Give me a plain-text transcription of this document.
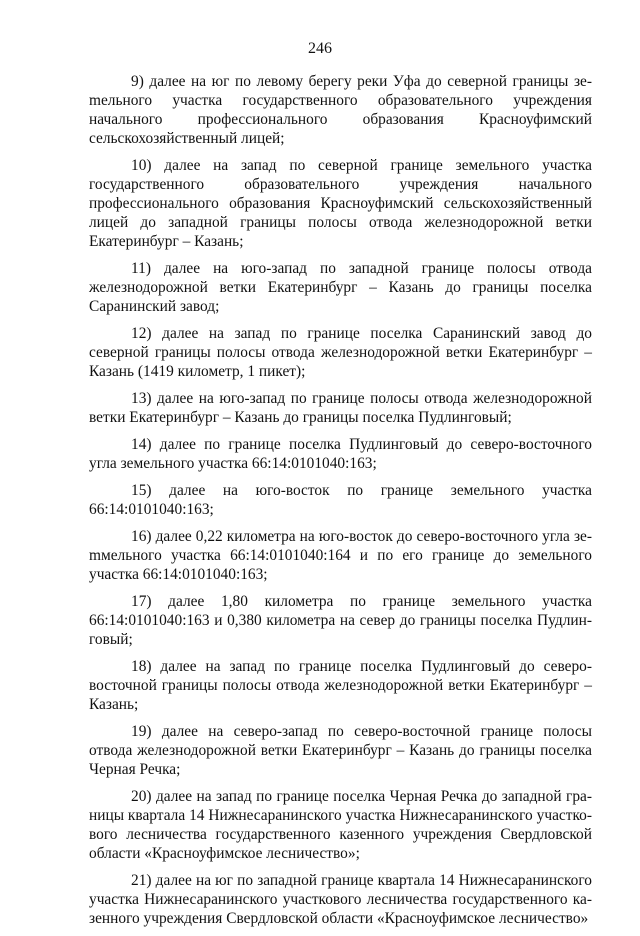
246

9) далее на юг по левому берегу реки Уфа до северной границы зеmельного участка государственного образовательного учреждения начального профессионального образования Красноуфимский сельскохозяйственный лицей;

10) далее на запад по северной границе земельного участка государственного образовательного учреждения начального профессионального образования Красноуфимский сельскохозяйственный лицей до западной границы полосы отвода железнодорожной ветки Екатеринбург – Казань;

11) далее на юго-запад по западной границе полосы отвода железнодорожной ветки Екатеринбург – Казань до границы поселка Саранинский завод;

12) далее на запад по границе поселка Саранинский завод до северной границы полосы отвода железнодорожной ветки Екатеринбург – Казань (1419 километр, 1 пикет);

13) далее на юго-запад по границе полосы отвода железнодорожной ветки Екатеринбург – Казань до границы поселка Пудлинговый;

14) далее по границе поселка Пудлинговый до северо-восточного угла земельного участка 66:14:0101040:163;

15) далее на юго-восток по границе земельного участка 66:14:0101040:163;

16) далее 0,22 километра на юго-восток до северо-восточного угла зеmмельного участка 66:14:0101040:164 и по его границе до земельного участка 66:14:0101040:163;

17) далее 1,80 километра по границе земельного участка 66:14:0101040:163 и 0,380 километра на север до границы поселка Пудлинговый;

18) далее на запад по границе поселка Пудлинговый до северо-восточной границы полосы отвода железнодорожной ветки Екатеринбург – Казань;

19) далее на северо-запад по северо-восточной границе полосы отвода железнодорожной ветки Екатеринбург – Казань до границы поселка Черная Речка;

20) далее на запад по границе поселка Черная Речка до западной границы квартала 14 Нижнесаранинского участка Нижнесаранинского участкового лесничества государственного казенного учреждения Свердловской области «Красноуфимское лесничество»;

21) далее на юг по западной границе квартала 14 Нижнесаранинского участка Нижнесаранинского участкового лесничества государственного казенного учреждения Свердловской области «Красноуфимское лесничество»
